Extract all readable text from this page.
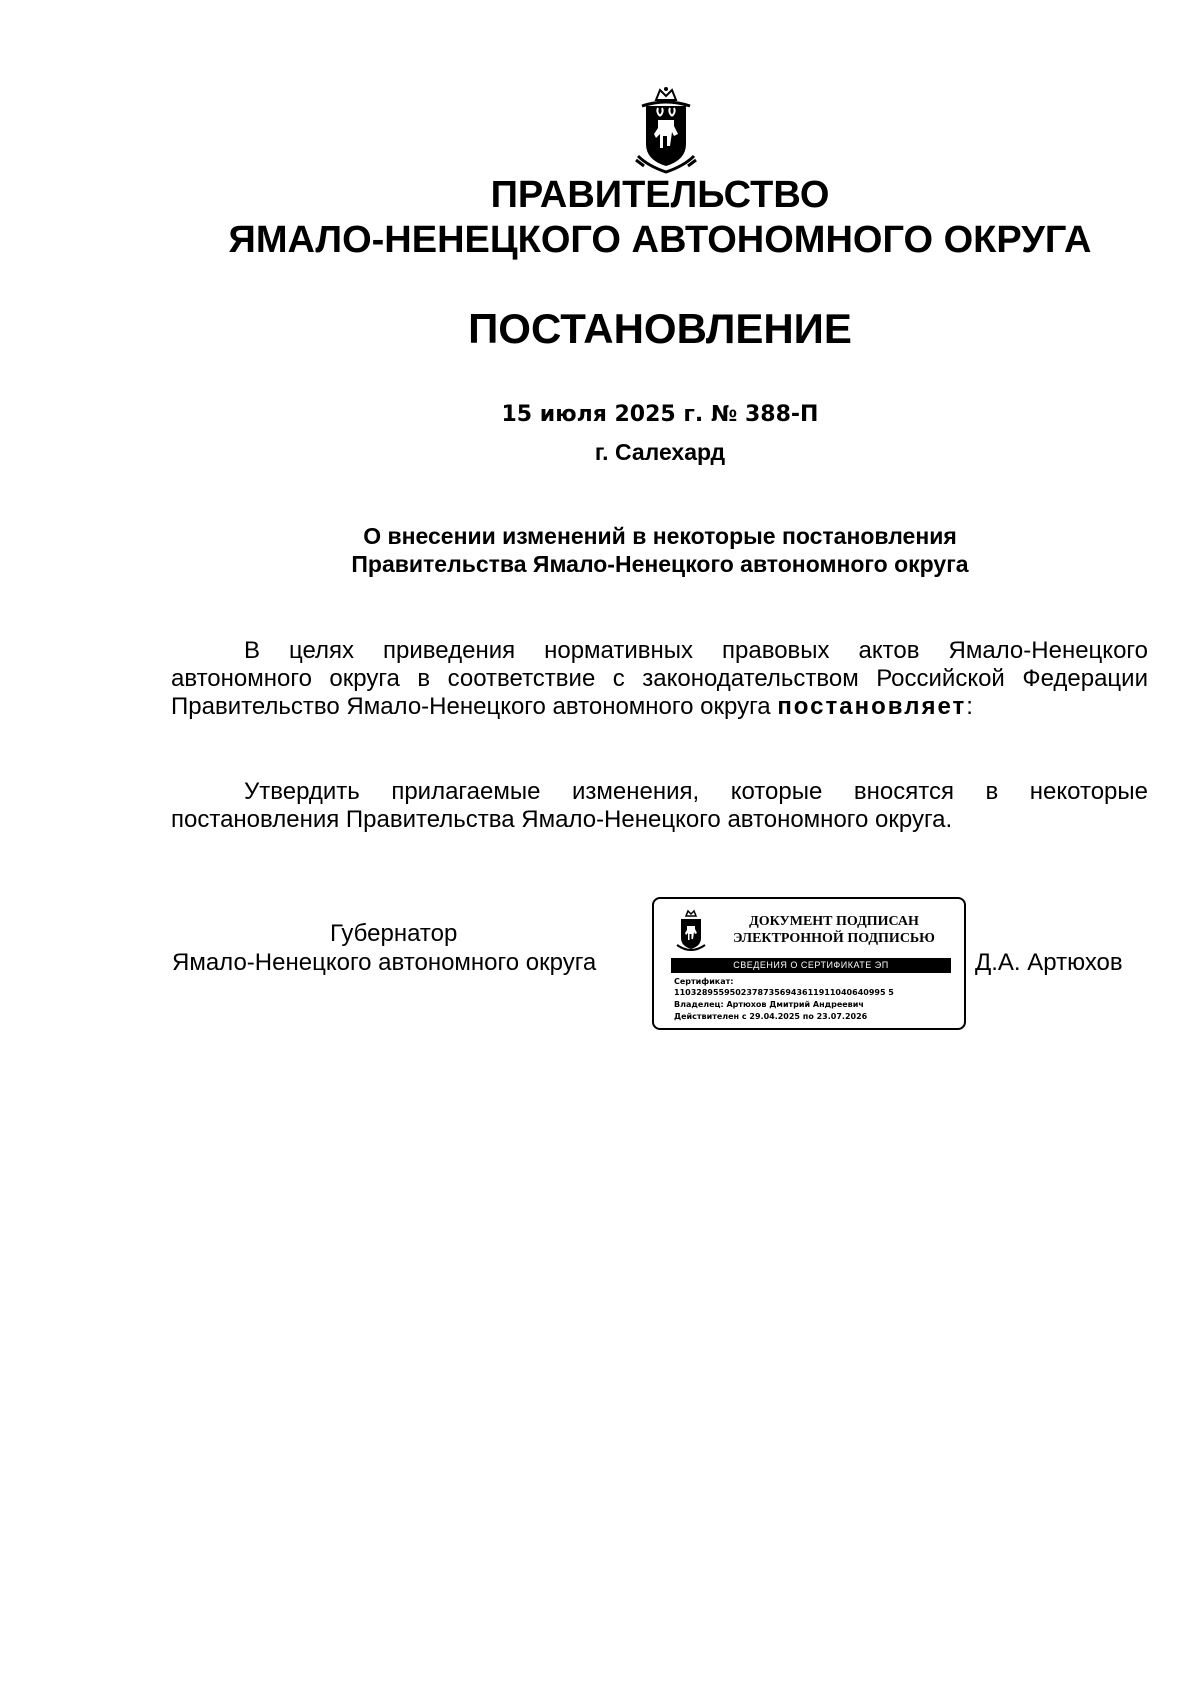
ПРАВИТЕЛЬСТВО
ЯМАЛО-НЕНЕЦКОГО АВТОНОМНОГО ОКРУГА
ПОСТАНОВЛЕНИЕ
15 июля 2025 г. № 388-П
г. Салехард
О внесении изменений в некоторые постановления
Правительства Ямало-Ненецкого автономного округа
В целях приведения нормативных правовых актов Ямало-Ненецкого автономного округа в соответствие с законодательством Российской Федерации Правительство Ямало-Ненецкого автономного округа постановляет:
Утвердить прилагаемые изменения, которые вносятся в некоторые постановления Правительства Ямало-Ненецкого автономного округа.
Губернатор
Ямало-Ненецкого автономного округа
ДОКУМЕНТ ПОДПИСАН
ЭЛЕКТРОННОЙ ПОДПИСЬЮ
СВЕДЕНИЯ О СЕРТИФИКАТЕ ЭП
Сертификат:
11032895595023787356943611911040640995 5
Владелец: Артюхов Дмитрий Андреевич
Действителен с 29.04.2025 по 23.07.2026
Д.А. Артюхов
